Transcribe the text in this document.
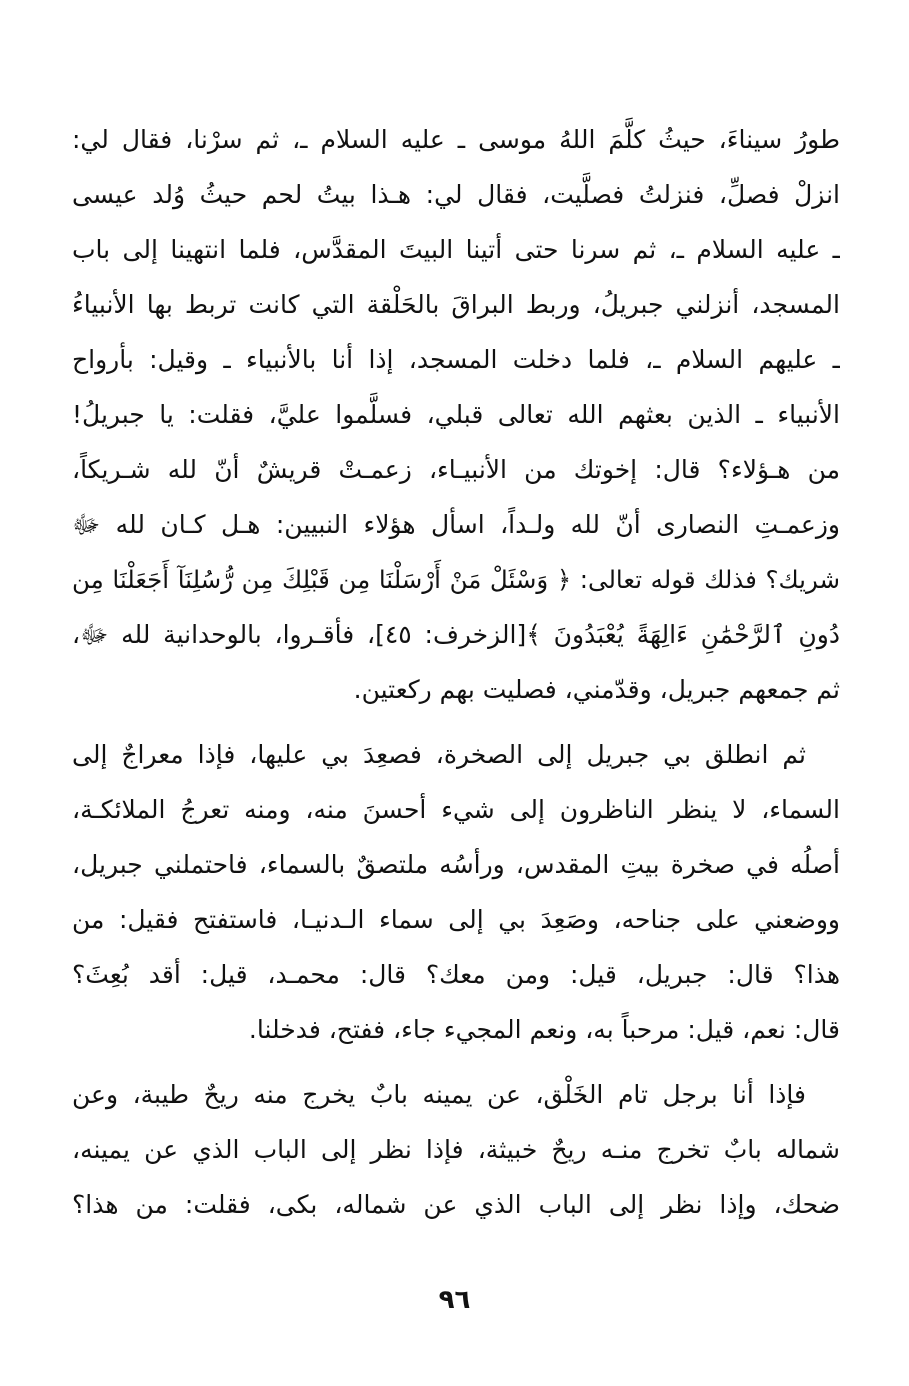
طورُ سيناءَ، حيثُ كلَّمَ اللهُ موسى ـ عليه السلام ـ، ثم سرْنا، فقال لي:
انزلْ فصلِّ، فنزلتُ فصلَّيت، فقال لي: هـذا بيتُ لحم حيثُ وُلد عيسى
ـ عليه السلام ـ، ثم سرنا حتى أتينا البيتَ المقدَّس، فلما انتهينا إلى باب
المسجد، أنزلني جبريلُ، وربط البراقَ بالحَلْقة التي كانت تربط بها الأنبياءُ
ـ عليهم السلام ـ، فلما دخلت المسجد، إذا أنا بالأنبياء ـ وقيل: بأرواح
الأنبياء ـ الذين بعثهم الله تعالى قبلي، فسلَّموا عليَّ، فقلت: يا جبريلُ!
من هـؤلاء؟ قال: إخوتك من الأنبيـاء، زعمـتْ قريشٌ أنّ لله شـريكاً،
وزعمـتِ النصارى أنّ لله ولـداً، اسأل هؤلاء النبيين: هـل كـان لله ﷻ
شريك؟ فذلك قوله تعالى: ﴿ وَسْئَلْ مَنْ أَرْسَلْنَا مِن قَبْلِكَ مِن رُّسُلِنَآ أَجَعَلْنَا مِن
دُونِ ٱلرَّحْمَٰنِ ءَالِهَةً يُعْبَدُونَ ﴾[الزخرف: ٤٥]، فأقـروا، بالوحدانية لله ﷻ،
ثم جمعهم جبريل، وقدّمني، فصليت بهم ركعتين.
ثم انطلق بي جبريل إلى الصخرة، فصعِدَ بي عليها، فإذا معراجٌ إلى
السماء، لا ينظر الناظرون إلى شيء أحسنَ منه، ومنه تعرجُ الملائكـة،
أصلُه في صخرة بيتِ المقدس، ورأسُه ملتصقٌ بالسماء، فاحتملني جبريل،
ووضعني على جناحه، وصَعِدَ بي إلى سماء الـدنيـا، فاستفتح فقيل: من
هذا؟ قال: جبريل، قيل: ومن معك؟ قال: محمـد، قيل: أقد بُعِثَ؟
قال: نعم، قيل: مرحباً به، ونعم المجيء جاء، ففتح، فدخلنا.
فإذا أنا برجل تام الخَلْق، عن يمينه بابٌ يخرج منه ريحٌ طيبة، وعن
شماله بابٌ تخرج منـه ريحٌ خبيثة، فإذا نظر إلى الباب الذي عن يمينه،
ضحك، وإذا نظر إلى الباب الذي عن شماله، بكى، فقلت: من هذا؟
٩٦
